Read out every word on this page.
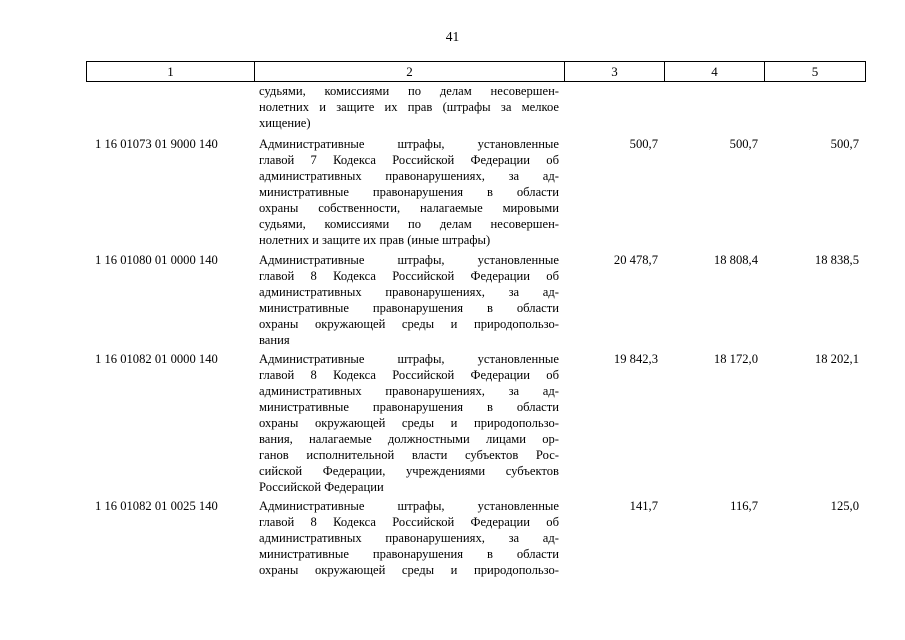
41
1	2	3	4	5
судьями, комиссиями по делам несовершен-
нолетних и защите их прав (штрафы за мелкое
хищение)
1 16 01073 01 9000 140	Административные штрафы, установленные
главой 7 Кодекса Российской Федерации об
административных правонарушениях, за ад-
министративные правонарушения в области
охраны собственности, налагаемые мировыми
судьями, комиссиями по делам несовершен-
нолетних и защите их прав (иные штрафы)
500,7	500,7	500,7
1 16 01080 01 0000 140	Административные штрафы, установленные
главой 8 Кодекса Российской Федерации об
административных правонарушениях, за ад-
министративные правонарушения в области
охраны окружающей среды и природопользо-
вания
20 478,7	18 808,4	18 838,5
1 16 01082 01 0000 140	Административные штрафы, установленные
главой 8 Кодекса Российской Федерации об
административных правонарушениях, за ад-
министративные правонарушения в области
охраны окружающей среды и природопользо-
вания, налагаемые должностными лицами ор-
ганов исполнительной власти субъектов Рос-
сийской Федерации, учреждениями субъектов
Российской Федерации
19 842,3	18 172,0	18 202,1
1 16 01082 01 0025 140	Административные штрафы, установленные
главой 8 Кодекса Российской Федерации об
административных правонарушениях, за ад-
министративные правонарушения в области
охраны окружающей среды и природопользо-
141,7	116,7	125,0
